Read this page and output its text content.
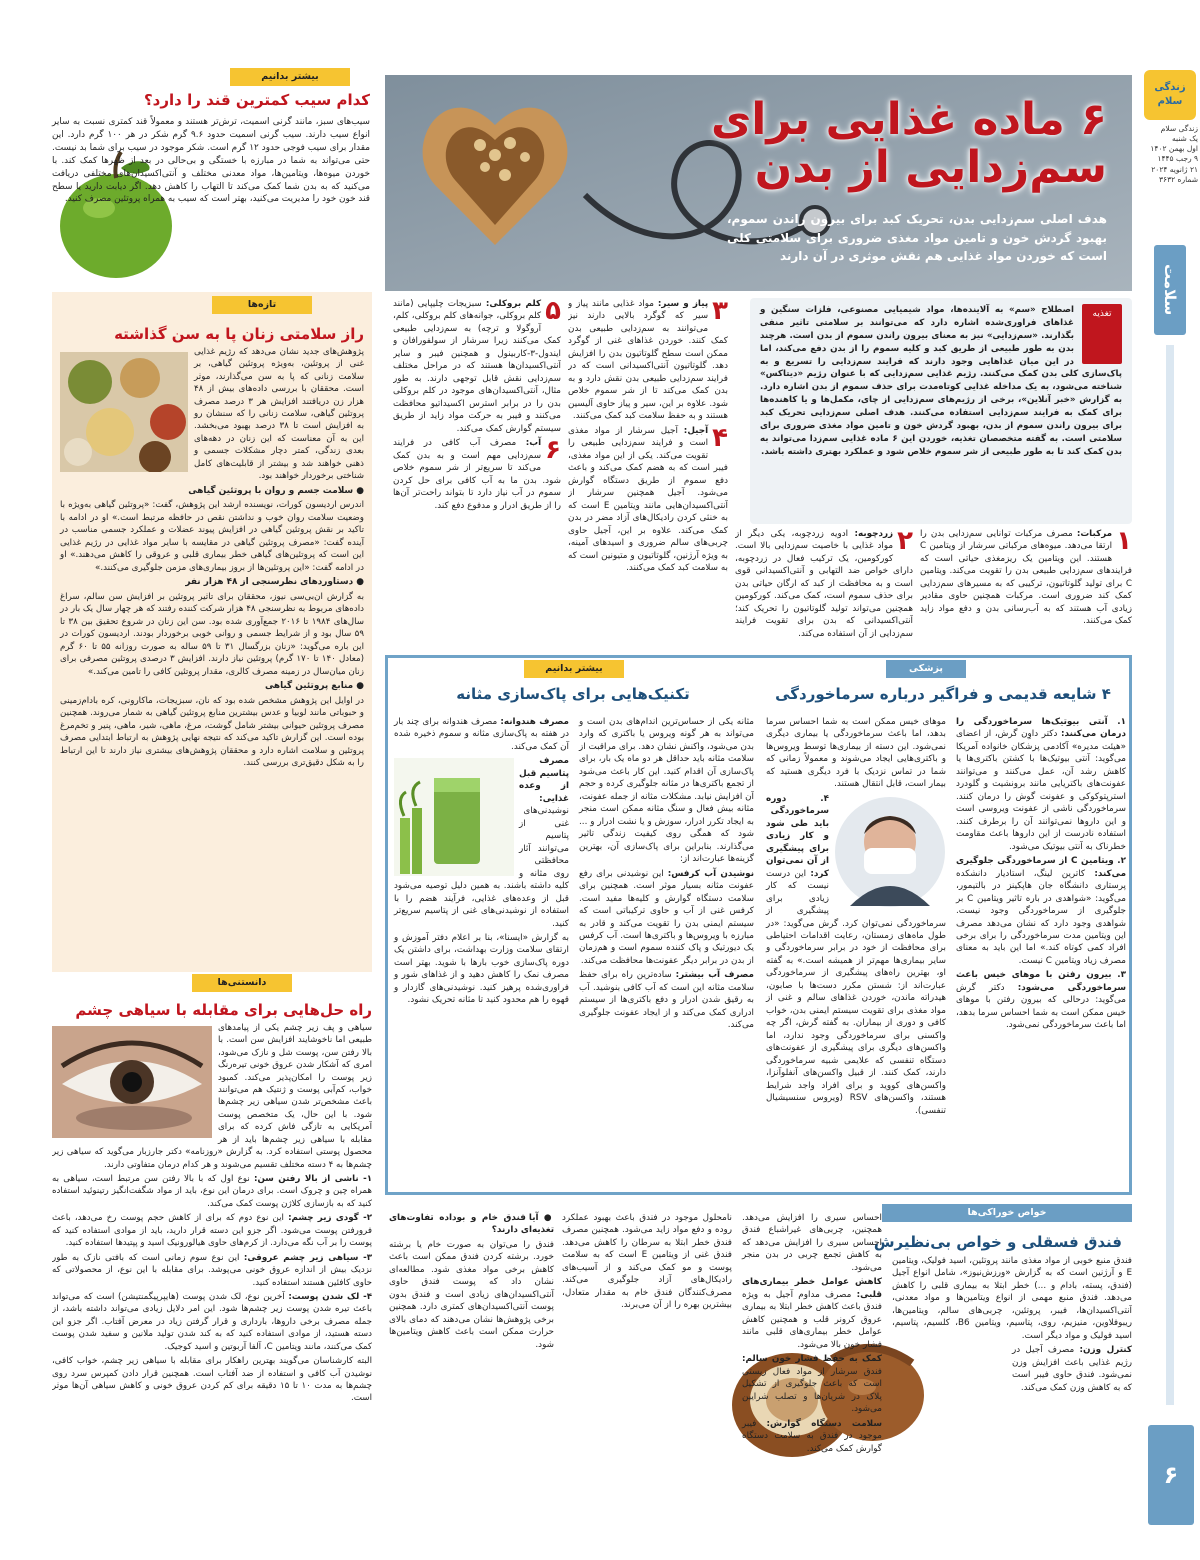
زندگی سلام
زندگی سلام
یک شنبه
اول بهمن ۱۴۰۲
۹ رجب ۱۴۴۵
۲۱ ژانویه ۲۰۲۴
شماره ۳۶۳۲
سلامت
۶
۶ ماده غذایی برای
سم‌زدایی از بدن
هدف اصلی سم‌زدایی بدن، تحریک کبد برای بیرون راندن سموم، بهبود گردش خون و تامین مواد مغذی ضروری برای سلامتی کلی است که خوردن مواد غذایی هم نقش موثری در آن دارند
تغذیه

اصطلاح «سم» به آلاینده‌ها، مواد شیمیایی مصنوعی، فلزات سنگین و غذاهای فراوری‌شده اشاره دارد که می‌توانند بر سلامتی تاثیر منفی بگذارند. «سم‌زدایی» نیز به معنای بیرون راندن سموم از بدن است. هرچند بدن به طور طبیعی از طریق کبد و کلیه سموم را از بدن دفع می‌کند، اما در این میان غذاهایی وجود دارند که فرایند سم‌زدایی را تسریع و به پاک‌سازی کلی بدن کمک می‌کنند. رژیم غذایی سم‌زدایی که با عنوان رژیم «دیتاکس» شناخته می‌شود، به یک مداخله غذایی کوتاه‌مدت برای حذف سموم از بدن اشاره دارد. به گزارش «خبر آنلاین»، برخی از رژیم‌های سم‌زدایی از چای، مکمل‌ها و یا کاهنده‌ها برای کمک به فرایند سم‌زدایی استفاده می‌کنند. هدف اصلی سم‌زدایی تحریک کبد برای بیرون راندن سموم از بدن، بهبود گردش خون و تامین مواد مغذی ضروری برای سلامتی است. به گفته متخصصان تغذیه، خوردن این ۶ ماده غذایی سم‌زدا می‌تواند به بدن کمک کند تا به طور طبیعی از شر سموم خلاص شود و عملکرد بهتری داشته باشد.

۱
مرکبات: مصرف مرکبات توانایی سم‌زدایی بدن را ارتقا می‌دهد. میوه‌های مرکباتی سرشار از ویتامین C هستند. این ویتامین یک ریزمغذی حیاتی است که فرایندهای سم‌زدایی طبیعی بدن را تقویت می‌کند. ویتامین C برای تولید گلوتاتیون، ترکیبی که به مسیرهای سم‌زدایی کمک کند ضروری است. مرکبات همچنین حاوی مقادیر زیادی آب هستند که به آب‌رسانی بدن و دفع مواد زاید کمک می‌کنند.

۲
زردچوبه: ادویه زردچوبه، یکی دیگر از مواد غذایی با خاصیت سم‌زدایی بالا است. کورکومین، یک ترکیب فعال در زردچوبه، دارای خواص ضد التهابی و آنتی‌اکسیدانی قوی است و به محافظت از کبد که ارگان حیاتی بدن برای حذف سموم است، کمک می‌کند. کورکومین همچنین می‌تواند تولید گلوتاتیون را تحریک کند؛ آنتی‌اکسیدانی که بدن برای تقویت فرایند سم‌زدایی از آن استفاده می‌کند.

۳
پیاز و سیر: مواد غذایی مانند پیاز و سیر که گوگرد بالایی دارند نیز می‌توانند به سم‌زدایی طبیعی بدن کمک کنند. خوردن غذاهای غنی از گوگرد ممکن است سطح گلوتاتیون بدن را افزایش دهد. گلوتاتیون آنتی‌اکسیدانی است که در فرایند سم‌زدایی طبیعی بدن نقش دارد و به بدن کمک می‌کند تا از شر سموم خلاص شود. علاوه بر این، سیر و پیاز حاوی آلیسین هستند و به حفظ سلامت کبد کمک می‌کنند.

۴
آجیل: آجیل سرشار از مواد مغذی است و فرایند سم‌زدایی طبیعی را تقویت می‌کند. یکی از این مواد مغذی، فیبر است که به هضم کمک می‌کند و باعث دفع سموم از طریق دستگاه گوارش می‌شود. آجیل همچنین سرشار از آنتی‌اکسیدان‌هایی مانند ویتامین E است که به خنثی کردن رادیکال‌های آزاد مضر در بدن کمک می‌کند. علاوه بر این، آجیل حاوی چربی‌های سالم ضروری و اسیدهای آمینه، به ویژه آرژنین، گلوتاتیون و متیونین است که به سلامت کبد کمک می‌کنند.

۵
کلم بروکلی: سبزیجات چلیپایی (مانند کلم بروکلی، جوانه‌های کلم بروکلی، کلم، آروگولا و ترچه) به سم‌زدایی طبیعی کمک می‌کنند زیرا سرشار از سولفورافان و ایندول-۳-کاربینول و همچنین فیبر و سایر آنتی‌اکسیدان‌ها هستند که در مراحل مختلف سم‌زدایی نقش قابل توجهی دارند. به طور مثال، آنتی‌اکسیدان‌های موجود در کلم بروکلی بدن را در برابر استرس اکسیداتیو محافظت می‌کنند و فیبر به حرکت مواد زاید از طریق سیستم گوارش کمک می‌کند.

۶
آب: مصرف آب کافی در فرایند سم‌زدایی مهم است و به بدن کمک می‌کند تا سریع‌تر از شر سموم خلاص شود. بدن ما به آب کافی برای حل کردن سموم در آب نیاز دارد تا بتواند راحت‌تر آن‌ها را از طریق ادرار و مدفوع دفع کند.

بیشتر بدانیم
کدام سیب کمترین قند را دارد؟

سیب‌های سبز، مانند گرنی اسمیت، ترش‌تر هستند و معمولاً قند کمتری نسبت به سایر انواع سیب دارند. سیب گرنی اسمیت حدود ۹.۶ گرم شکر در هر ۱۰۰ گرم دارد. این مقدار برای سیب فوجی حدود ۱۲ گرم است. شکر موجود در سیب برای شما بد نیست. حتی می‌تواند به شما در مبارزه با خستگی و بی‌حالی در بعد از ظهرها کمک کند. با خوردن میوه‌ها، ویتامین‌ها، مواد معدنی مختلف و آنتی‌اکسیدان‌های مختلفی دریافت می‌کنید که به بدن شما کمک می‌کند تا التهاب را کاهش دهد. اگر دیابت دارید یا سطح قند خون خود را مدیریت می‌کنید، بهتر است که سیب به همراه پروتئین مصرف کنید.

تازه‌ها
راز سلامتی زنان پا به سن گذاشته

پژوهش‌های جدید نشان می‌دهد که رژیم غذایی غنی از پروتئین، به‌ویژه پروتئین گیاهی، بر سلامت زنانی که پا به سن می‌گذارند، موثر است. محققان با بررسی داده‌های بیش از ۴۸ هزار زن دریافتند افزایش هر ۳ درصد مصرف پروتئین گیاهی، سلامت زنانی را که سنشان رو به افزایش است تا ۳۸ درصد بهبود می‌بخشد. این به آن معناست که این زنان در دهه‌های بعدی زندگی، کمتر دچار مشکلات جسمی و ذهنی خواهند شد و بیشتر از قابلیت‌های کامل شناختی برخوردار خواهند بود.

● سلامت جسم و روان با پروتئین گیاهی

اندرس اردیسون کورات، نویسنده ارشد این پژوهش، گفت: «پروتئین گیاهی به‌ویژه با وضعیت سلامت روان خوب و نداشتن نقص در حافظه مرتبط است.» او در ادامه با تاکید بر نقش پروتئین گیاهی در افزایش پیوند عضلات و عملکرد جسمی مناسب در آینده گفت: «مصرف پروتئین گیاهی در مقایسه با سایر مواد غذایی در رژیم غذایی این است که پروتئین‌های گیاهی خطر بیماری قلبی و عروقی را کاهش می‌دهند.» او در ادامه گفت: «این پروتئین‌ها از بروز بیماری‌های مزمن جلوگیری می‌کنند.»

● دستاوردهای نظرسنجی از ۴۸ هزار نفر

به گزارش ان‌بی‌سی نیوز، محققان برای تاثیر پروتئین بر افزایش سن سالم، سراغ داده‌های مربوط به نظرسنجی ۴۸ هزار شرکت کننده رفتند که هر چهار سال یک بار در سال‌های ۱۹۸۴ تا ۲۰۱۶ جمع‌آوری شده بود. سن این زنان در شروع تحقیق بین ۳۸ تا ۵۹ سال بود و از شرایط جسمی و روانی خوبی برخوردار بودند. اردیسون کورات در این باره می‌گوید: «زنان بزرگسال ۳۱ تا ۵۹ ساله به صورت روزانه ۵۵ تا ۶۰ گرم (معادل ۱۴۰ تا ۱۷۰ گرم) پروتئین نیاز دارند. افزایش ۳ درصدی پروتئین مصرفی برای زنان میان‌سال در زمینه مصرف کالری، مقدار پروتئین کافی را تامین می‌کند.»

● منابع پروتئین گیاهی

در اوایل این پژوهش مشخص شده بود که نان، سبزیجات، ماکارونی، کره بادام‌زمینی و حبوباتی مانند لوبیا و عدس بیشترین منابع پروتئین گیاهی به شمار می‌روند. همچنین مصرف پروتئین حیوانی بیشتر شامل گوشت، مرغ، ماهی، شیر، ماهی، پنیر و تخم‌مرغ بوده است. این گزارش تاکید می‌کند که نتیجه نهایی پژوهش به ارتباط ابتدایی مصرف پروتئین و سلامت اشاره دارد و محققان پژوهش‌های بیشتری نیاز دارند تا این ارتباط را به شکل دقیق‌تری بررسی کنند.

دانستنی‌ها
راه حل‌هایی برای مقابله با سیاهی چشم

سیاهی و پف زیر چشم یکی از پیامدهای طبیعی اما ناخوشایند افزایش سن است. با بالا رفتن سن، پوست شل و نازک می‌شود، امری که آشکار شدن عروق خونی تیره‌رنگ زیر پوست را امکان‌پذیر می‌کند. کمبود خواب، کم‌آبی پوست و ژنتیک هم می‌توانند باعث مشخص‌تر شدن سیاهی زیر چشم‌ها شود. با این حال، یک متخصص پوست آمریکایی به تازگی فاش کرده که برای مقابله با سیاهی زیر چشم‌ها باید از هر محصول پوستی استفاده کرد. به گزارش «روزنامه» دکتر جارزبار می‌گوید که سیاهی زیر چشم‌ها به ۴ دسته مختلف تقسیم می‌شوند و هر کدام درمان متفاوتی دارند.

۱- ناشی از بالا رفتن سن: نوع اول که با بالا رفتن سن مرتبط است، سیاهی به همراه چین و چروک است. برای درمان این نوع، باید از مواد شگفت‌انگیز رتینوئید استفاده کنید که به بازسازی کلاژن پوست کمک می‌کند.

۲- گودی زیر چشم: این نوع دوم که برای از کاهش حجم پوست رخ می‌دهد، باعث فرورفتن پوست می‌شود. اگر جزو این دسته قرار دارید، باید از موادی استفاده کنید که پوست را بر آب نگه می‌دارد. از کرم‌های حاوی هیالورونیک اسید و پپتیدها استفاده کنید.

۳- سیاهی زیر چشم عروقی: این نوع سوم زمانی است که بافتی نازک به طور نزدیک بیش از اندازه عروق خونی می‌پوشد. برای مقابله با این نوع، از محصولاتی که حاوی کافئین هستند استفاده کنید.

۴- لک شدن پوست: آخرین نوع، لک شدن پوست (هایپرپیگمنتیشن) است که می‌تواند باعث تیره شدن پوست زیر چشم‌ها شود. این امر دلایل زیادی می‌تواند داشته باشد، از جمله مصرف برخی داروها، بارداری و قرار گرفتن زیاد در معرض آفتاب. اگر جزو این دسته هستید، از موادی استفاده کنید که به کند شدن تولید ملانین و سفید شدن پوست کمک می‌کنند، مانند ویتامین C، آلفا آربوتین و اسید کوجیک.

البته کارشناسان می‌گویند بهترین راهکار برای مقابله با سیاهی زیر چشم، خواب کافی، نوشیدن آب کافی و استفاده از ضد آفتاب است. همچنین قرار دادن کمپرس سرد روی چشم‌ها به مدت ۱۰ تا ۱۵ دقیقه برای کم کردن عروق خونی و کاهش سیاهی آن‌ها موثر است.

پزشکی
۴ شایعه قدیمی و فراگیر درباره سرماخوردگی

۱. آنتی بیوتیک‌ها سرماخوردگی را درمان می‌کنند: دکتر داوِن گرش، از اعضای «هیئت مدیره» آکادمی پزشکان خانواده آمریکا می‌گوید: آنتی بیوتیک‌ها با کشتن باکتری‌ها یا کاهش رشد آن، عمل می‌کنند و می‌توانند عفونت‌های باکتریایی مانند برونشیت و گلودرد استرپتوکوکی و عفونت گوش را درمان کنند. سرماخوردگی ناشی از عفونت ویروسی است و این داروها نمی‌توانند آن را برطرف کنند. استفاده نادرست از این داروها باعث مقاومت خطرناک به آنتی بیوتیک می‌شود.

۲. ویتامین C از سرماخوردگی جلوگیری می‌کند: کاترین لینگ، استادیار دانشکده پرستاری دانشگاه جان هاپکینز در بالتیمور، می‌گوید: «شواهدی در باره تاثیر ویتامین C بر جلوگیری از سرماخوردگی وجود نیست. شواهدی وجود دارد که نشان می‌دهد مصرف این ویتامین مدت سرماخوردگی را برای برخی افراد کمی کوتاه کند.» اما این باید به معنای مصرف زیاد ویتامین C نیست.

۳. بیرون رفتن با موهای خیس باعث سرماخوردگی می‌شود: دکتر گرش می‌گوید: درحالی که بیرون رفتن با موهای خیس ممکن است به شما احساس سرما بدهد، اما باعث سرماخوردگی نمی‌شود.

موهای خیس ممکن است به شما احساس سرما بدهد، اما باعث سرماخوردگی یا بیماری دیگری نمی‌شود. این دسته از بیماری‌ها توسط ویروس‌ها و باکتری‌هایی ایجاد می‌شوند و معمولاً زمانی که شما در تماس نزدیک با فرد دیگری هستید که بیمار است، قابل انتقال هستند.

۴. دوره سرماخوردگی باید طی شود و کار زیادی برای پیشگیری از آن نمی‌توان کرد: این درست نیست که کار زیادی برای پیشگیری از سرماخوردگی نمی‌توان کرد. گرش می‌گوید: «در طول ماه‌های زمستان، رعایت اقدامات احتیاطی برای محافظت از خود در برابر سرماخوردگی و سایر بیماری‌ها مهم‌تر از همیشه است.» به گفته او، بهترین راه‌های پیشگیری از سرماخوردگی عبارت‌اند از: شستن مکرر دست‌ها با صابون، هیدراته ماندن، خوردن غذاهای سالم و غنی از مواد مغذی برای تقویت سیستم ایمنی بدن، خواب کافی و دوری از بیماران. به گفته گرش، اگر چه واکسنی برای سرماخوردگی وجود ندارد، اما واکسن‌های دیگری برای پیشگیری از عفونت‌های دستگاه تنفسی که علایمی شبیه سرماخوردگی دارند، کمک کنند. از قبیل واکسن‌های آنفلوآنزا، واکسن‌های کووید و برای افراد واجد شرایط هستند، واکسن‌های RSV (ویروس سنسیشیال تنفسی).

بیشتر بدانیم
تکنیک‌هایی برای پاک‌سازی مثانه

مثانه یکی از حساس‌ترین اندام‌های بدن است و می‌تواند به هر گونه ویروس یا باکتری که وارد بدن می‌شود، واکنش نشان دهد. برای مراقبت از سلامت مثانه باید حداقل هر دو ماه یک بار، برای پاک‌سازی آن اقدام کنید. این کار باعث می‌شود از تجمع باکتری‌ها در مثانه جلوگیری کرده و حجم آن افزایش نیابد. مشکلات مثانه از جمله عفونت، مثانه بیش فعال و سنگ مثانه ممکن است منجر به ایجاد تکرر ادرار، سوزش و یا نشت ادرار و ... شود که همگی روی کیفیت زندگی تاثیر می‌گذارند. بنابراین برای پاک‌سازی آن، بهترین گزینه‌ها عبارت‌اند از:

نوشیدن آب کرفس: این نوشیدنی برای رفع عفونت مثانه بسیار موثر است. همچنین برای سلامت دستگاه گوارش و کلیه‌ها مفید است. کرفس غنی از آب و حاوی ترکیباتی است که سیستم ایمنی بدن را تقویت می‌کند و قادر به مبارزه با ویروس‌ها و باکتری‌ها است. آب کرفس یک دیورتیک و پاک کننده سموم است و هم‌زمان از بدن در برابر دیگر عفونت‌ها محافظت می‌کند.

مصرف آب بیشتر: ساده‌ترین راه برای حفظ سلامت مثانه این است که آب کافی بنوشید. آب به رقیق شدن ادرار و دفع باکتری‌ها از سیستم ادراری کمک می‌کند و از ایجاد عفونت جلوگیری می‌کند.

مصرف هندوانه: مصرف هندوانه برای چند بار در هفته به پاک‌سازی مثانه و سموم ذخیره شده آن کمک می‌کند.

مصرف پتاسیم قبل از وعده غذایی: نوشیدنی‌های غنی از پتاسیم می‌توانند آثار محافظتی روی مثانه و کلیه داشته باشند. به همین دلیل توصیه می‌شود قبل از وعده‌های غذایی، فرآیند هضم را با استفاده از نوشیدنی‌های غنی از پتاسیم سریع‌تر کنید.

به گزارش «ایسنا»، بنا بر اعلام دفتر آموزش و ارتقای سلامت وزارت بهداشت، برای داشتن یک دوره پاک‌سازی خوب بارها با شوید. بهتر است مصرف نمک را کاهش دهید و از غذاهای شور و فراوری‌شده پرهیز کنید. نوشیدنی‌های گازدار و قهوه را هم محدود کنید تا مثانه تحریک نشود.

خواص خوراکی‌ها
فندق فسقلی و خواص بی‌نظیرش

فندق منبع خوبی از مواد مغذی مانند پروتئین، اسید فولیک، ویتامین E و آرژنین است که به گزارش «ورزش‌نیوز»، شامل انواع آجیل (فندق، پسته، بادام و ...) خطر ابتلا به بیماری قلبی را کاهش می‌دهد. فندق منبع مهمی از انواع ویتامین‌ها و مواد معدنی، آنتی‌اکسیدان‌ها، فیبر، پروتئین، چربی‌های سالم، ویتامین‌ها، ریبوفلاوین، منیزیم، روی، پتاسیم، ویتامین B6، کلسیم، پتاسیم، اسید فولیک و مواد دیگر است.

کنترل وزن: مصرف آجیل در رژیم غذایی باعث افزایش وزن نمی‌شود. فندق حاوی فیبر است که به کاهش وزن کمک می‌کند.

احساس سیری را افزایش می‌دهد. همچنین، چربی‌های غیراشباع فندق احساس سیری را افزایش می‌دهد که به کاهش تجمع چربی در بدن منجر می‌شود.

کاهش عوامل خطر بیماری‌های قلبی: مصرف مداوم آجیل به ویژه فندق باعث کاهش خطر ابتلا به بیماری عروق کرونر قلب و همچنین کاهش عوامل خطر بیماری‌های قلبی مانند فشار خون بالا می‌شود.

کمک به حفظ فشار خون سالم: فندق سرشار از مواد فعال زیستی است که باعث جلوگیری از تشکیل پلاک در شریان‌ها و تصلب شرایین می‌شود.

سلامت دستگاه گوارش: فیبر موجود در فندق به سلامت دستگاه گوارش کمک می‌کند.

نامحلول موجود در فندق باعث بهبود عملکرد روده و دفع مواد زاید می‌شود. همچنین مصرف فندق خطر ابتلا به سرطان را کاهش می‌دهد. فندق غنی از ویتامین E است که به سلامت پوست و مو کمک می‌کند و از آسیب‌های رادیکال‌های آزاد جلوگیری می‌کند. مصرف‌کنندگان فندق خام به مقدار متعادل، بیشترین بهره را از آن می‌برند.

● آیا فندق خام و بوداده تفاوت‌های تغذیه‌ای دارند؟

فندق را می‌توان به صورت خام یا برشته خورد. برشته کردن فندق ممکن است باعث کاهش برخی مواد مغذی شود. مطالعه‌ای نشان داد که پوست فندق حاوی آنتی‌اکسیدان‌های زیادی است و فندق بدون پوست آنتی‌اکسیدان‌های کمتری دارد. همچنین برخی پژوهش‌ها نشان می‌دهند که دمای بالای حرارت ممکن است باعث کاهش ویتامین‌ها شود.
